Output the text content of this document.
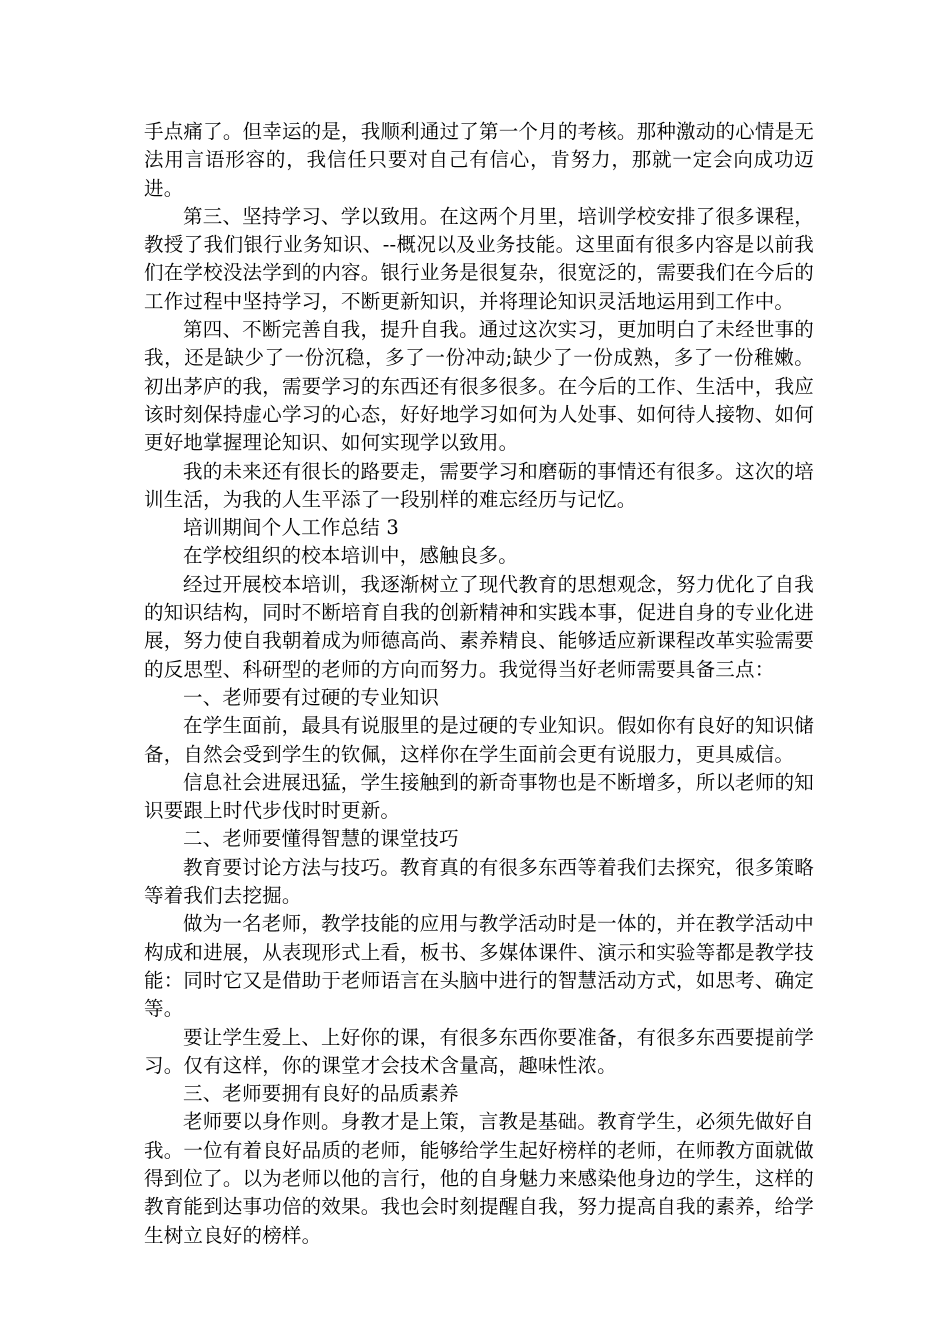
手点痛了。但幸运的是，我顺利通过了第一个月的考核。那种激动的心情是无法用言语形容的，我信任只要对自己有信心，肯努力，那就一定会向成功迈进。

第三、坚持学习、学以致用。在这两个月里，培训学校安排了很多课程，教授了我们银行业务知识、--概况以及业务技能。这里面有很多内容是以前我们在学校没法学到的内容。银行业务是很复杂，很宽泛的，需要我们在今后的工作过程中坚持学习，不断更新知识，并将理论知识灵活地运用到工作中。

第四、不断完善自我，提升自我。通过这次实习，更加明白了未经世事的我，还是缺少了一份沉稳，多了一份冲动;缺少了一份成熟，多了一份稚嫩。初出茅庐的我，需要学习的东西还有很多很多。在今后的工作、生活中，我应该时刻保持虚心学习的心态，好好地学习如何为人处事、如何待人接物、如何更好地掌握理论知识、如何实现学以致用。

我的未来还有很长的路要走，需要学习和磨砺的事情还有很多。这次的培训生活，为我的人生平添了一段别样的难忘经历与记忆。

培训期间个人工作总结 3

在学校组织的校本培训中，感触良多。

经过开展校本培训，我逐渐树立了现代教育的思想观念，努力优化了自我的知识结构，同时不断培育自我的创新精神和实践本事，促进自身的专业化进展，努力使自我朝着成为师德高尚、素养精良、能够适应新课程改革实验需要的反思型、科研型的老师的方向而努力。我觉得当好老师需要具备三点：

一、老师要有过硬的专业知识

在学生面前，最具有说服里的是过硬的专业知识。假如你有良好的知识储备，自然会受到学生的钦佩，这样你在学生面前会更有说服力，更具威信。

信息社会进展迅猛，学生接触到的新奇事物也是不断增多，所以老师的知识要跟上时代步伐时时更新。

二、老师要懂得智慧的课堂技巧

教育要讨论方法与技巧。教育真的有很多东西等着我们去探究，很多策略等着我们去挖掘。

做为一名老师，教学技能的应用与教学活动时是一体的，并在教学活动中构成和进展，从表现形式上看，板书、多媒体课件、演示和实验等都是教学技能：同时它又是借助于老师语言在头脑中进行的智慧活动方式，如思考、确定等。

要让学生爱上、上好你的课，有很多东西你要准备，有很多东西要提前学习。仅有这样，你的课堂才会技术含量高，趣味性浓。

三、老师要拥有良好的品质素养

老师要以身作则。身教才是上策，言教是基础。教育学生，必须先做好自我。一位有着良好品质的老师，能够给学生起好榜样的老师，在师教方面就做得到位了。以为老师以他的言行，他的自身魅力来感染他身边的学生，这样的教育能到达事功倍的效果。我也会时刻提醒自我，努力提高自我的素养，给学生树立良好的榜样。
